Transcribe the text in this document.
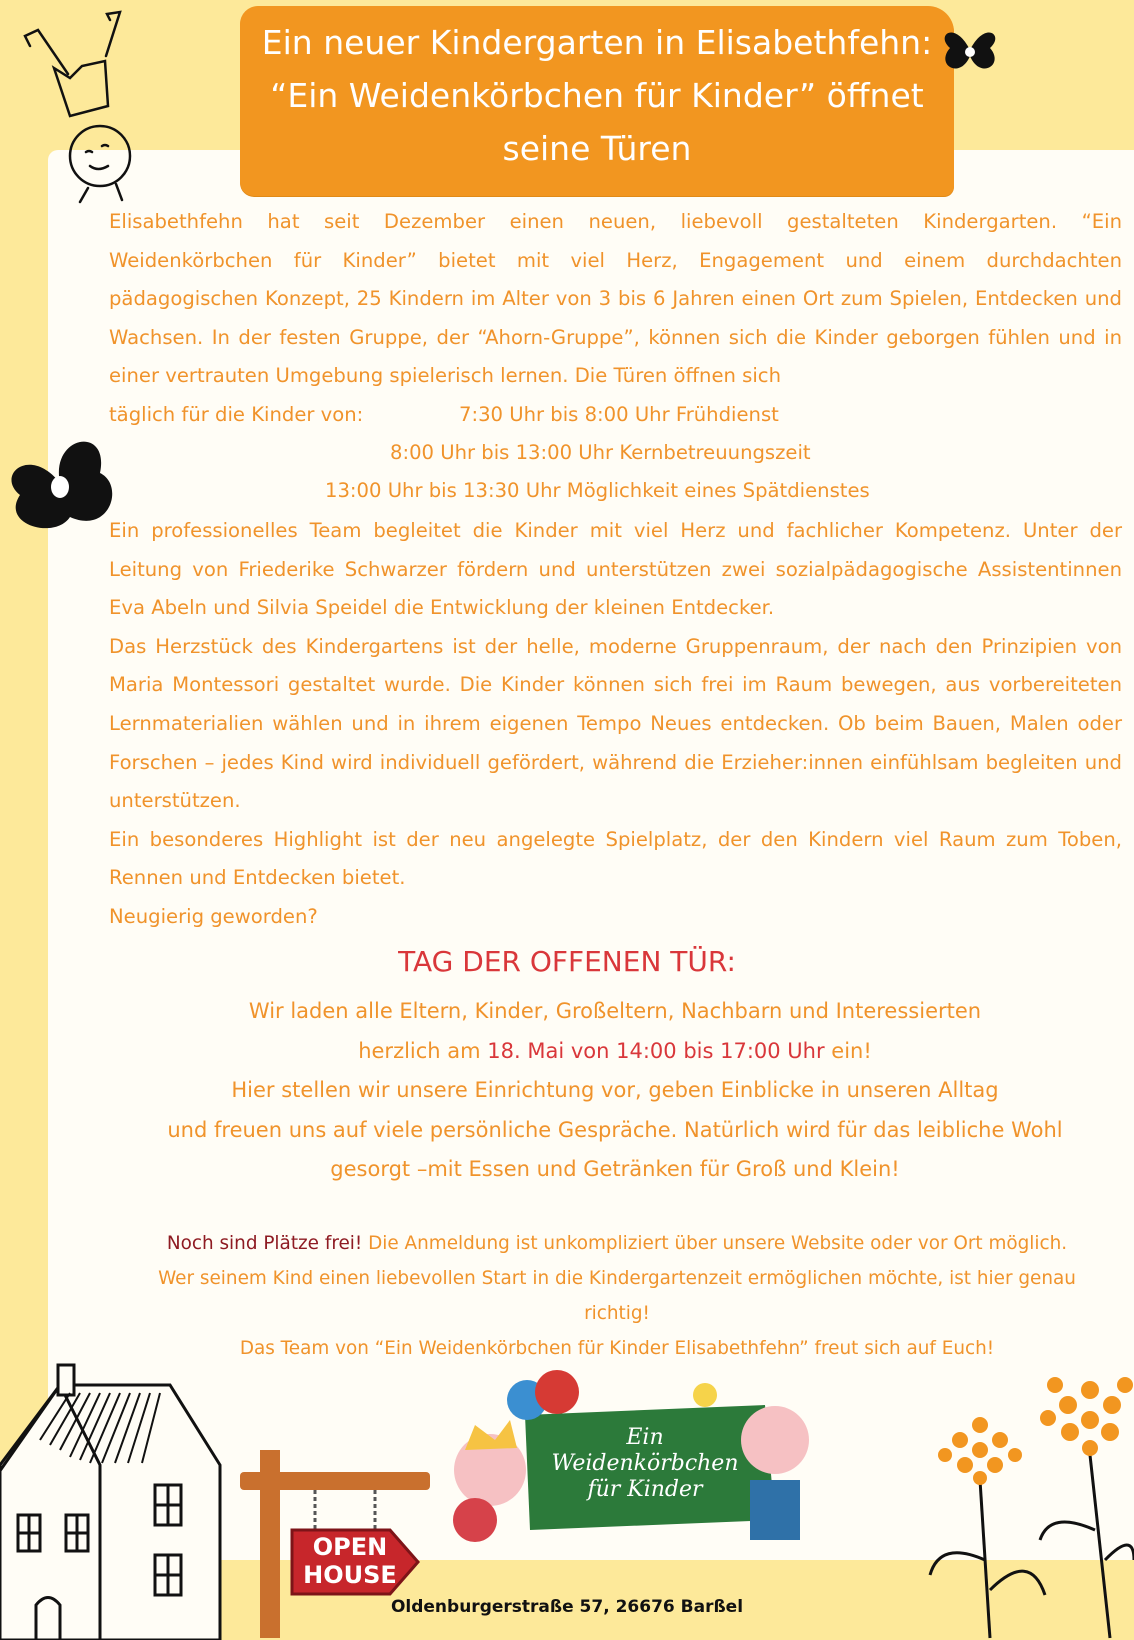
Ein neuer Kindergarten in Elisabethfehn:
“Ein Weidenkörbchen für Kinder” öffnet
seine Türen

Elisabethfehn hat seit Dezember einen neuen, liebevoll gestalteten Kindergarten. “Ein Weidenkörbchen für Kinder” bietet mit viel Herz, Engagement und einem durchdachten pädagogischen Konzept, 25 Kindern im Alter von 3 bis 6 Jahren einen Ort zum Spielen, Entdecken und Wachsen. In der festen Gruppe, der “Ahorn-Gruppe”, können sich die Kinder geborgen fühlen und in einer vertrauten Umgebung spielerisch lernen. Die Türen öffnen sich

täglich für die Kinder von:	7:30 Uhr bis 8:00 Uhr Frühdienst
8:00 Uhr bis 13:00 Uhr Kernbetreuungszeit
13:00 Uhr bis 13:30 Uhr Möglichkeit eines Spätdienstes

Ein professionelles Team begleitet die Kinder mit viel Herz und fachlicher Kompetenz. Unter der Leitung von Friederike Schwarzer fördern und unterstützen zwei sozialpädagogische Assistentinnen Eva Abeln und Silvia Speidel die Entwicklung der kleinen Entdecker.

Das Herzstück des Kindergartens ist der helle, moderne Gruppenraum, der nach den Prinzipien von Maria Montessori gestaltet wurde. Die Kinder können sich frei im Raum bewegen, aus vorbereiteten Lernmaterialien wählen und in ihrem eigenen Tempo Neues entdecken. Ob beim Bauen, Malen oder Forschen – jedes Kind wird individuell gefördert, während die Erzieher:innen einfühlsam begleiten und unterstützen.

Ein besonderes Highlight ist der neu angelegte Spielplatz, der den Kindern viel Raum zum Toben, Rennen und Entdecken bietet.

Neugierig geworden?

TAG DER OFFENEN TÜR:
Wir laden alle Eltern, Kinder, Großeltern, Nachbarn und Interessierten
herzlich am 18. Mai von 14:00 bis 17:00 Uhr ein!
Hier stellen wir unsere Einrichtung vor, geben Einblicke in unseren Alltag
und freuen uns auf viele persönliche Gespräche. Natürlich wird für das leibliche Wohl
gesorgt –mit Essen und Getränken für Groß und Klein!
Noch sind Plätze frei! Die Anmeldung ist unkompliziert über unsere Website oder vor Ort möglich.
Wer seinem Kind einen liebevollen Start in die Kindergartenzeit ermöglichen möchte, ist hier genau
richtig!
Das Team von “Ein Weidenkörbchen für Kinder Elisabethfehn” freut sich auf Euch!
OPEN
HOUSE
Ein
Weidenkörbchen
für Kinder
Oldenburgerstraße 57, 26676 Barßel
